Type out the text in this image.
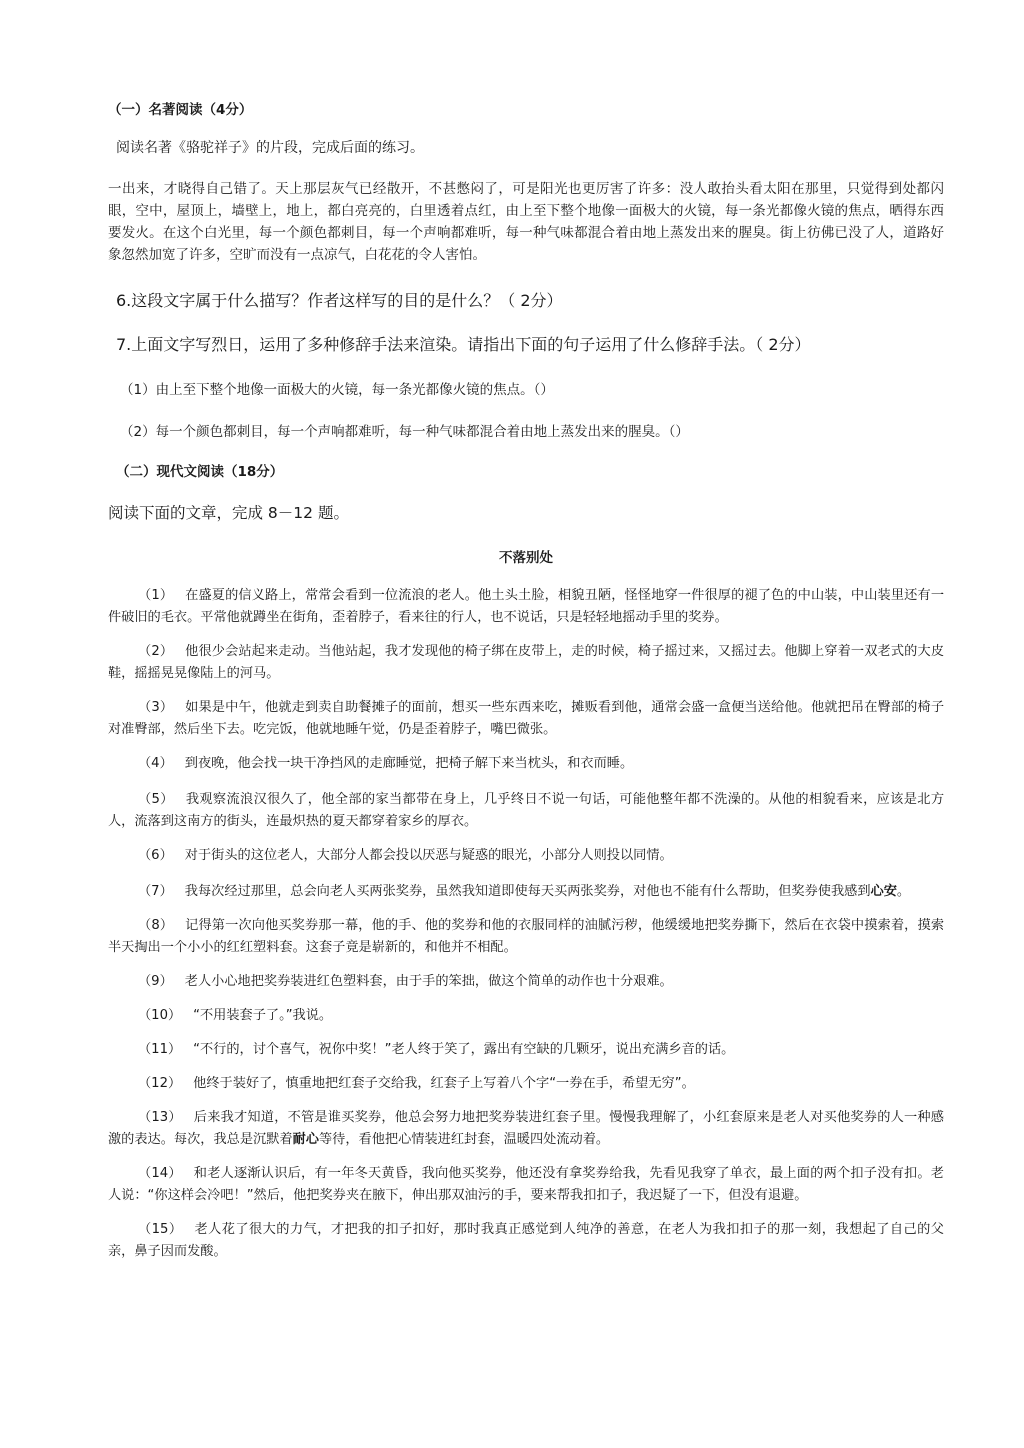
（一）名著阅读（4分）

阅读名著《骆驼祥子》的片段，完成后面的练习。

一出来，才晓得自己错了。天上那层灰气已经散开，不甚憋闷了，可是阳光也更厉害了许多：没人敢抬头看太阳在那里，只觉得到处都闪眼，空中，屋顶上，墙壁上，地上，都白亮亮的，白里透着点红，由上至下整个地像一面极大的火镜，每一条光都像火镜的焦点，晒得东西要发火。在这个白光里，每一个颜色都刺目，每一个声响都难听，每一种气味都混合着由地上蒸发出来的腥臭。街上彷佛已没了人，道路好象忽然加宽了许多，空旷而没有一点凉气，白花花的令人害怕。

6.这段文字属于什么描写？作者这样写的目的是什么？（ 2分）

7.上面文字写烈日，运用了多种修辞手法来渲染。请指出下面的句子运用了什么修辞手法。（ 2分）

（1）由上至下整个地像一面极大的火镜，每一条光都像火镜的焦点。（）

（2）每一个颜色都刺目，每一个声响都难听，每一种气味都混合着由地上蒸发出来的腥臭。（）

（二）现代文阅读（18分）

阅读下面的文章，完成 8－12 题。

不落别处

（1） 在盛夏的信义路上，常常会看到一位流浪的老人。他土头土脸，相貌丑陋，怪怪地穿一件很厚的褪了色的中山装，中山装里还有一件破旧的毛衣。平常他就蹲坐在街角，歪着脖子，看来往的行人，也不说话，只是轻轻地摇动手里的奖券。

（2） 他很少会站起来走动。当他站起，我才发现他的椅子绑在皮带上，走的时候，椅子摇过来，又摇过去。他脚上穿着一双老式的大皮鞋，摇摇晃晃像陆上的河马。

（3） 如果是中午，他就走到卖自助餐摊子的面前，想买一些东西来吃，摊贩看到他，通常会盛一盒便当送给他。他就把吊在臀部的椅子对准臀部，然后坐下去。吃完饭，他就地睡午觉，仍是歪着脖子，嘴巴微张。

（4） 到夜晚，他会找一块干净挡风的走廊睡觉，把椅子解下来当枕头，和衣而睡。

（5） 我观察流浪汉很久了，他全部的家当都带在身上，几乎终日不说一句话，可能他整年都不洗澡的。从他的相貌看来，应该是北方人，流落到这南方的街头，连最炽热的夏天都穿着家乡的厚衣。

（6） 对于街头的这位老人，大部分人都会投以厌恶与疑惑的眼光，小部分人则投以同情。

（7） 我每次经过那里，总会向老人买两张奖券，虽然我知道即使每天买两张奖券，对他也不能有什么帮助，但奖券使我感到心安。

（8） 记得第一次向他买奖券那一幕，他的手、他的奖券和他的衣服同样的油腻污秽，他缓缓地把奖券撕下，然后在衣袋中摸索着，摸索半天掏出一个小小的红红塑料套。这套子竟是崭新的，和他并不相配。

（9） 老人小心地把奖券装进红色塑料套，由于手的笨拙，做这个简单的动作也十分艰难。

（10） “不用装套子了。”我说。

（11） “不行的，讨个喜气，祝你中奖！”老人终于笑了，露出有空缺的几颗牙，说出充满乡音的话。

（12） 他终于装好了，慎重地把红套子交给我，红套子上写着八个字“一券在手，希望无穷”。

（13） 后来我才知道，不管是谁买奖券，他总会努力地把奖券装进红套子里。慢慢我理解了，小红套原来是老人对买他奖券的人一种感激的表达。每次，我总是沉默着耐心等待，看他把心情装进红封套，温暖四处流动着。

（14） 和老人逐渐认识后，有一年冬天黄昏，我向他买奖券，他还没有拿奖券给我，先看见我穿了单衣，最上面的两个扣子没有扣。老人说：“你这样会冷吧！”然后，他把奖券夹在腋下，伸出那双油污的手，要来帮我扣扣子，我迟疑了一下，但没有退避。

（15） 老人花了很大的力气，才把我的扣子扣好，那时我真正感觉到人纯净的善意，在老人为我扣扣子的那一刻，我想起了自己的父亲，鼻子因而发酸。
